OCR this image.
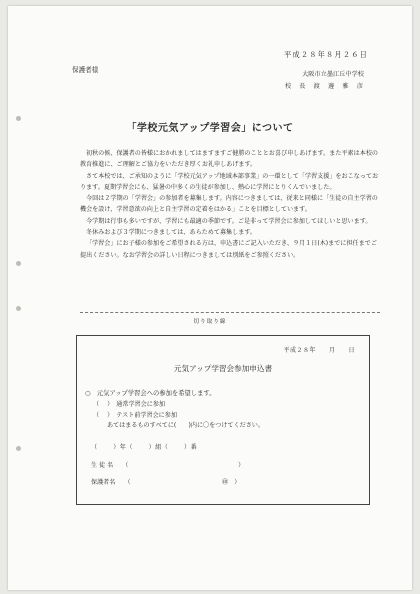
平成２８年８月２６日
保護者様
大阪市立墨江丘中学校
校　長　渡　邊　雅　彦
「学校元気アップ学習会」について

初秋の候、保護者の皆様におかれましてはますますご健勝のこととお喜び申しあげます。また平素は本校の教育推進に、ご理解とご協力をいただき厚くお礼申しあげます。

さて本校では、ご承知のように「学校元気アップ地域本部事業」の一環として「学習支援」をおこなっております。夏期学習会にも、猛暑の中多くの生徒が参加し、熱心に学習にとりくんでいました。

今回は２学期の「学習会」の参加者を募集します。内容につきましては、従来と同様に「生徒の自主学習の機会を設け、学習意欲の向上と自主学習の定着をはかる」ことを目標としています。

今学期は行事も多いですが、学習にも最適の季節です。ご是非って学習会に参加してほしいと思います。

冬休みおよび３学期につきましては、あらためて募集します。

「学習会」にお子様の参加をご希望される方は、申込書にご記入いただき、９月１日(木)までに担任までご提出ください。なお学習会の詳しい日程につきましては別紙をご参照ください。

切り取り線
平成２８年　　月　　日
元気アップ学習会参加申込書
○　元気アップ学習会への参加を希望します。
（　 ）　通常学習会に参加
（　 ）　テスト前学習会に参加
あてはまるものすべてに(　　)内に〇をつけてください。
（　　 ）年（　　 ）組（　　 ）番
生 徒 名　　（　　　　　　　　　　　　　　　　　　）
保護者名　　（　　　　　　　　　　　　　　　㊞　）
